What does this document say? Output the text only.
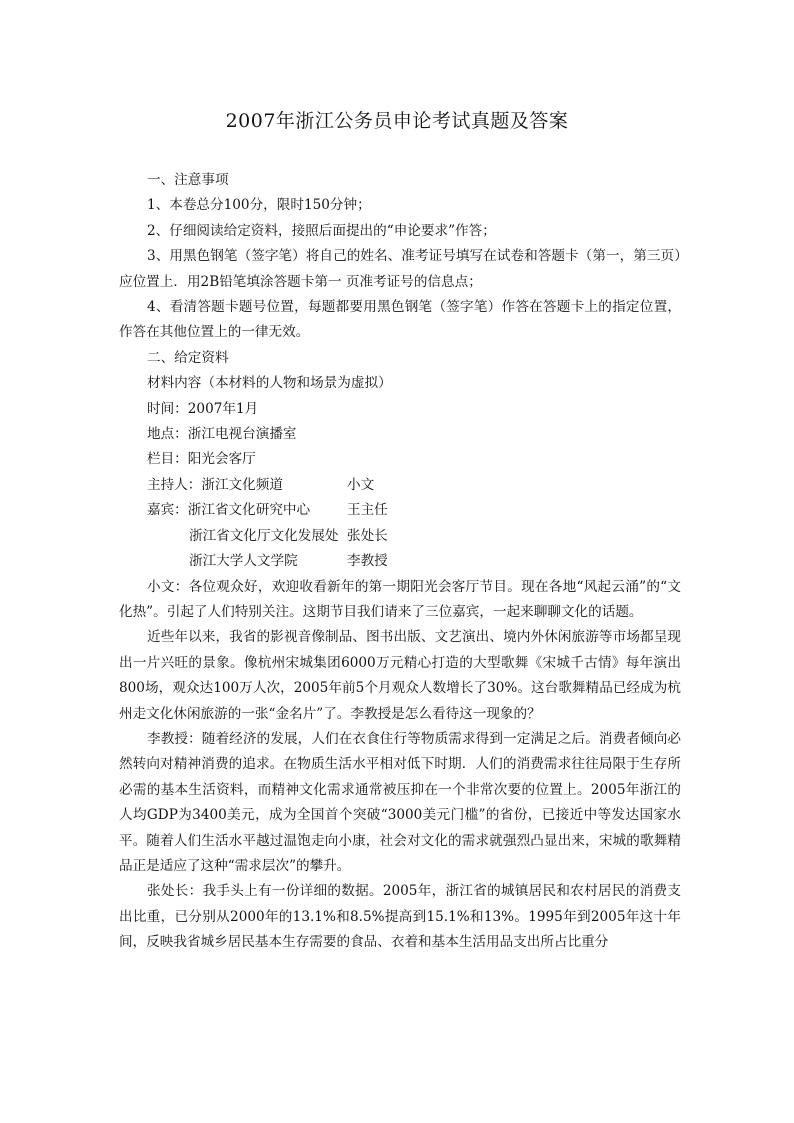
2007年浙江公务员申论考试真题及答案

一、注意事项

1、本卷总分100分，限时150分钟；

2、仔细阅读给定资料，接照后面提出的“申论要求”作答；

3、用黑色钢笔（签字笔）将自己的姓名、准考证号填写在试卷和答题卡（第一，第三页）应位置上．用2B铅笔填涂答题卡第一 页准考证号的信息点；

4、看清答题卡题号位置，每题都要用黑色钢笔（签字笔）作答在答题卡上的指定位置，作答在其他位置上的一律无效。

二、给定资料

材料内容（本材料的人物和场景为虚拟）

时间：2007年1月

地点：浙江电视台演播室

栏目：阳光会客厅

主持人：浙江文化频道	小文
嘉宾：浙江省文化研究中心	王主任
浙江省文化厅文化发展处 张处长
浙江大学人文学院	李教授

小文：各位观众好，欢迎收看新年的第一期阳光会客厅节目。现在各地“风起云涌”的“文化热”。引起了人们特别关注。这期节目我们请来了三位嘉宾，一起来聊聊文化的话题。

近些年以来，我省的影视音像制品、图书出版、文艺演出、境内外休闲旅游等市场都呈现出一片兴旺的景象。像杭州宋城集团6000万元精心打造的大型歌舞《宋城千古情》每年演出800场，观众达100万人次，2005年前5个月观众人数增长了30%。这台歌舞精品已经成为杭州走文化休闲旅游的一张“金名片”了。李教授是怎么看待这一现象的？

李教授：随着经济的发展，人们在衣食住行等物质需求得到一定满足之后。消费者倾向必然转向对精神消费的追求。在物质生活水平相对低下时期．人们的消费需求往往局限于生存所必需的基本生活资料，而精神文化需求通常被压抑在一个非常次要的位置上。2005年浙江的人均GDP为3400美元，成为全国首个突破“3000美元门槛”的省份，已接近中等发达国家水平。随着人们生活水平越过温饱走向小康，社会对文化的需求就强烈凸显出来，宋城的歌舞精品正是适应了这种“需求层次”的攀升。

张处长：我手头上有一份详细的数据。2005年，浙江省的城镇居民和农村居民的消费支出比重，已分别从2000年的13.1%和8.5%提高到15.1%和13%。1995年到2005年这十年间，反映我省城乡居民基本生存需要的食品、衣着和基本生活用品支出所占比重分
